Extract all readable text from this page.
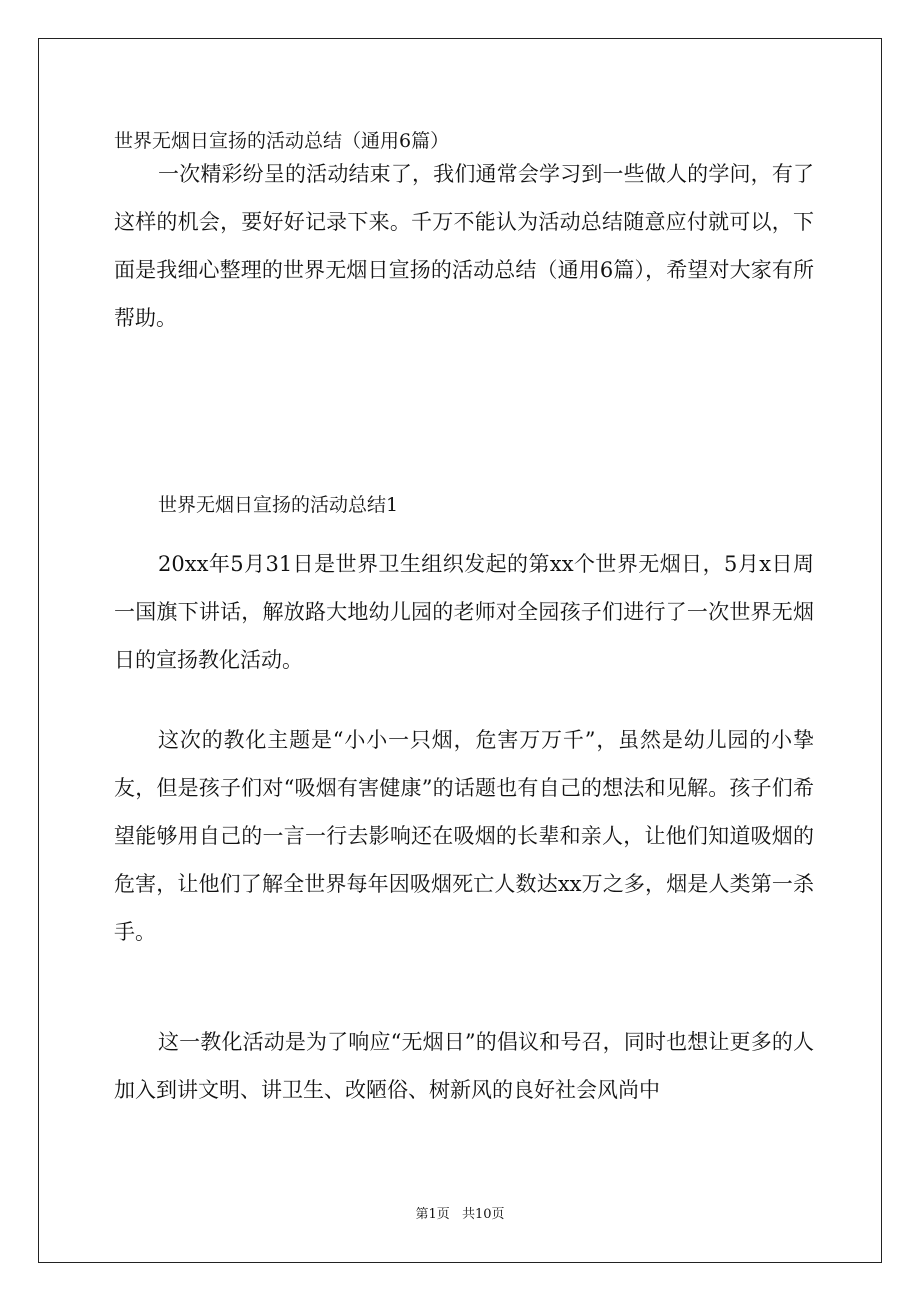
世界无烟日宣扬的活动总结（通用6篇）

一次精彩纷呈的活动结束了，我们通常会学习到一些做人的学问，有了这样的机会，要好好记录下来。千万不能认为活动总结随意应付就可以，下面是我细心整理的世界无烟日宣扬的活动总结（通用6篇），希望对大家有所帮助。

世界无烟日宣扬的活动总结1

20xx年5月31日是世界卫生组织发起的第xx个世界无烟日，5月x日周一国旗下讲话，解放路大地幼儿园的老师对全园孩子们进行了一次世界无烟日的宣扬教化活动。

这次的教化主题是“小小一只烟，危害万万千”，虽然是幼儿园的小挚友，但是孩子们对“吸烟有害健康”的话题也有自己的想法和见解。孩子们希望能够用自己的一言一行去影响还在吸烟的长辈和亲人，让他们知道吸烟的危害，让他们了解全世界每年因吸烟死亡人数达xx万之多，烟是人类第一杀手。

这一教化活动是为了响应“无烟日”的倡议和号召，同时也想让更多的人加入到讲文明、讲卫生、改陋俗、树新风的良好社会风尚中

第1页 共10页
